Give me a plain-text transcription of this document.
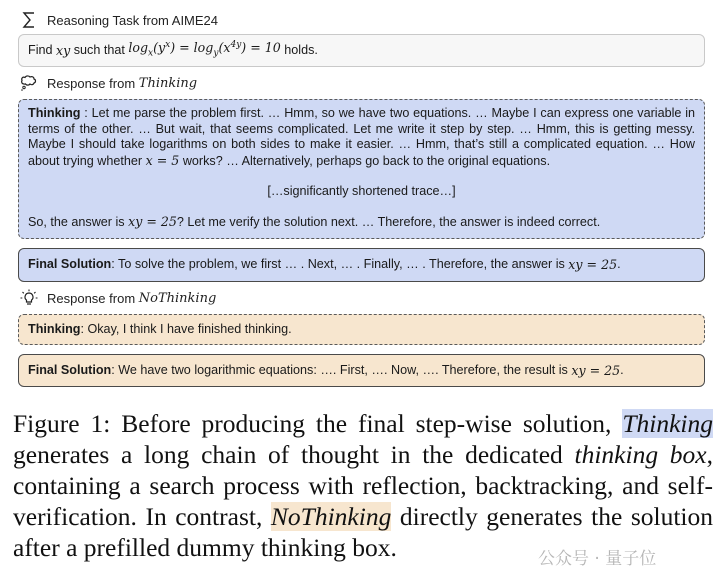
Reasoning Task from AIME24
Find
xy
such that
$\log_x(y^x) = \log_y(x^{4y}) = 10$
holds.
Response from
Thinking
Thinking : Let me parse the problem first. … Hmm, so we have two equations. … Maybe I can express one variable in terms of the other. … But wait, that seems complicated. Let me write it step by step. … Hmm, this is getting messy. Maybe I should take logarithms on both sides to make it easier. … Hmm, that’s still a complicated equation. … How about trying whether x = 5 works? … Alternatively, perhaps go back to the original equations.
[…significantly shortened trace…]
So, the answer is xy = 25? Let me verify the solution next. … Therefore, the answer is indeed correct.
Final Solution : To solve the problem, we first … . Next, … . Finally, … . Therefore, the answer is
xy = 25 .
Response from
NoThinking
Thinking : Okay, I think I have finished thinking.
Final Solution : We have two logarithmic equations: …. First, …. Now, …. Therefore, the result is
xy = 25 .
Figure 1: Before producing the final step-wise solution, Thinking generates a long chain of thought in the dedicated thinking box, containing a search process with reflection, backtracking, and self-verification. In contrast, NoThinking directly generates the solution after a prefilled dummy thinking box.	公众号 · 量子位
